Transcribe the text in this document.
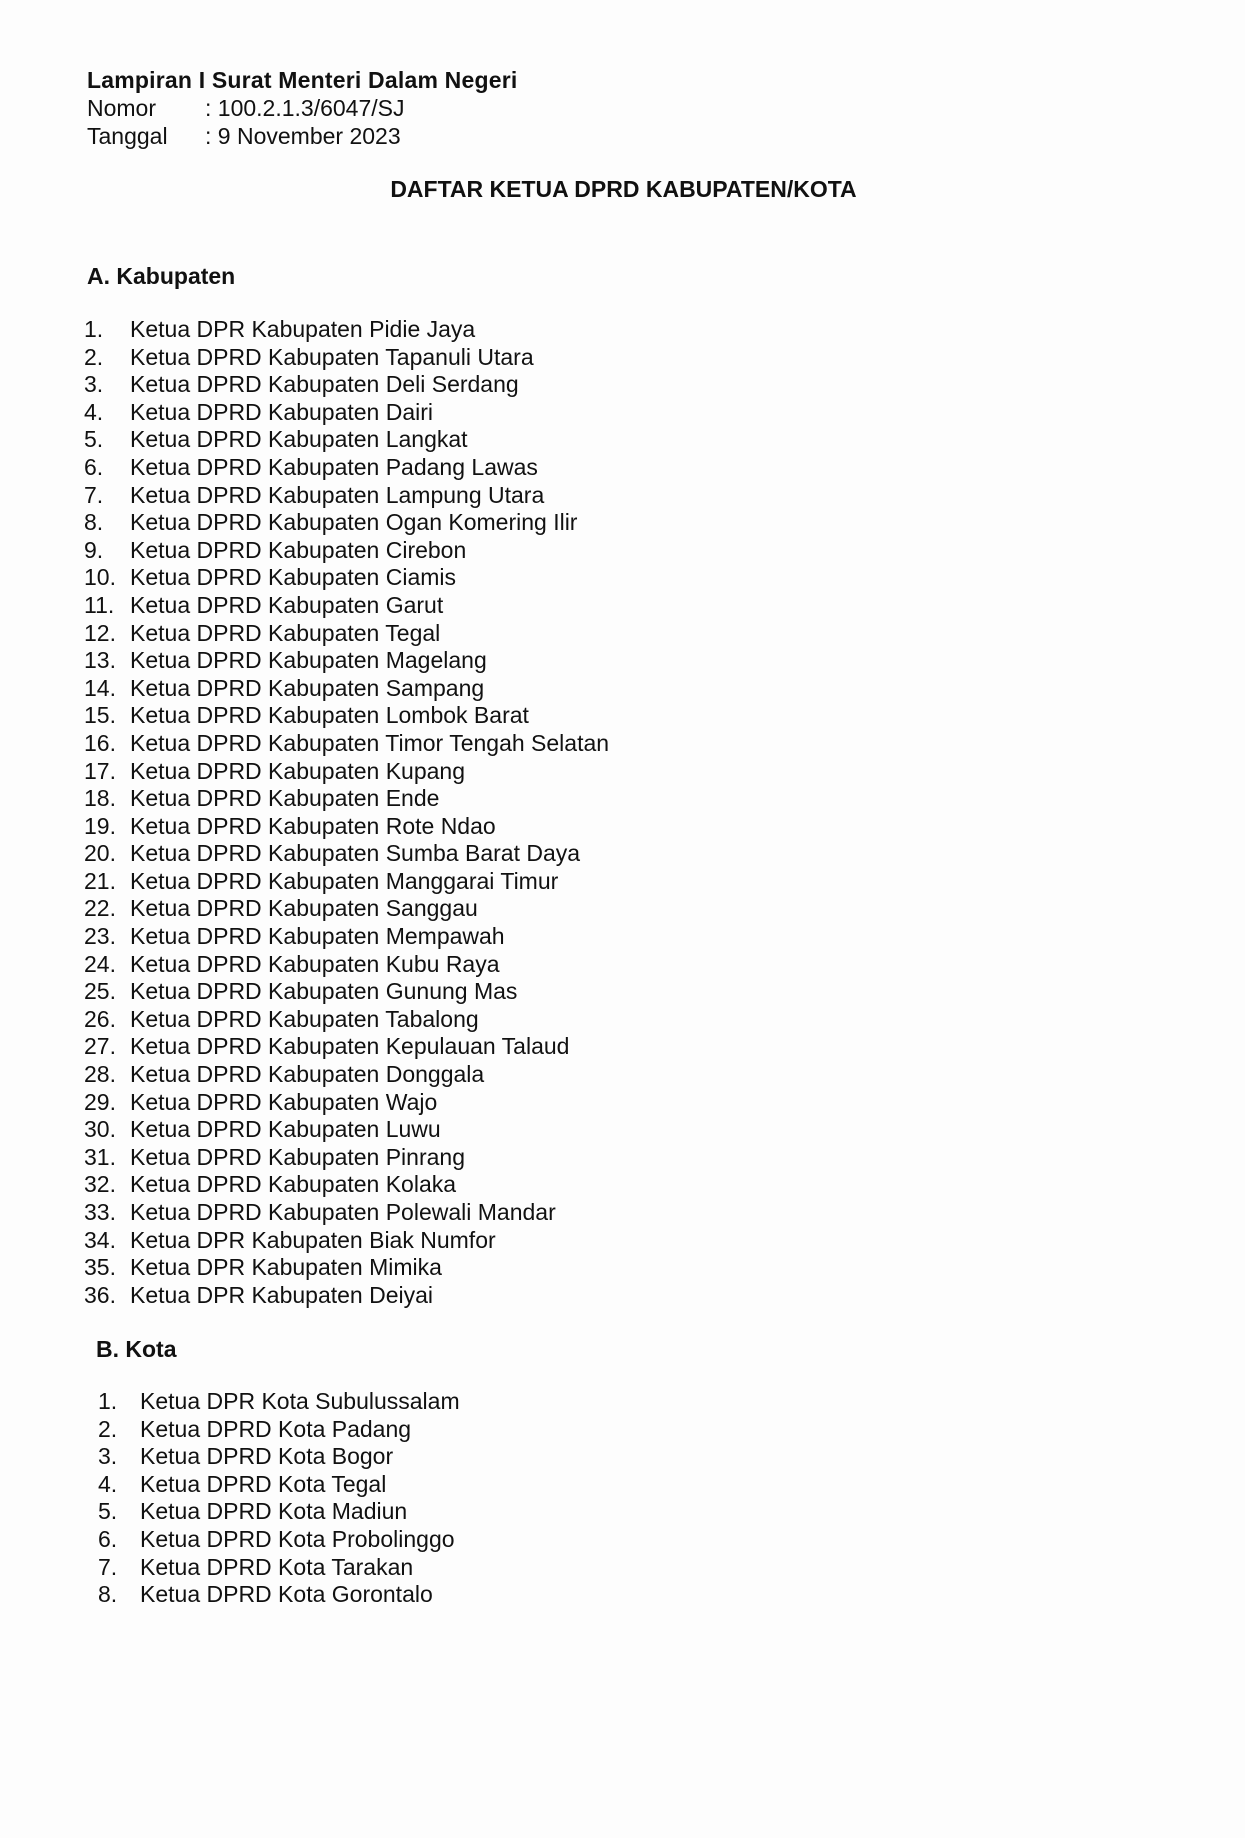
Lampiran I Surat Menteri Dalam Negeri
Nomor	: 100.2.1.3/6047/SJ
Tanggal	: 9 November 2023
DAFTAR KETUA DPRD KABUPATEN/KOTA
A. Kabupaten
1.	Ketua DPR Kabupaten Pidie Jaya
2.	Ketua DPRD Kabupaten Tapanuli Utara
3.	Ketua DPRD Kabupaten Deli Serdang
4.	Ketua DPRD Kabupaten Dairi
5.	Ketua DPRD Kabupaten Langkat
6.	Ketua DPRD Kabupaten Padang Lawas
7.	Ketua DPRD Kabupaten Lampung Utara
8.	Ketua DPRD Kabupaten Ogan Komering Ilir
9.	Ketua DPRD Kabupaten Cirebon
10. Ketua DPRD Kabupaten Ciamis
11. Ketua DPRD Kabupaten Garut
12. Ketua DPRD Kabupaten Tegal
13. Ketua DPRD Kabupaten Magelang
14. Ketua DPRD Kabupaten Sampang
15. Ketua DPRD Kabupaten Lombok Barat
16. Ketua DPRD Kabupaten Timor Tengah Selatan
17. Ketua DPRD Kabupaten Kupang
18. Ketua DPRD Kabupaten Ende
19. Ketua DPRD Kabupaten Rote Ndao
20. Ketua DPRD Kabupaten Sumba Barat Daya
21. Ketua DPRD Kabupaten Manggarai Timur
22. Ketua DPRD Kabupaten Sanggau
23. Ketua DPRD Kabupaten Mempawah
24. Ketua DPRD Kabupaten Kubu Raya
25. Ketua DPRD Kabupaten Gunung Mas
26. Ketua DPRD Kabupaten Tabalong
27. Ketua DPRD Kabupaten Kepulauan Talaud
28. Ketua DPRD Kabupaten Donggala
29. Ketua DPRD Kabupaten Wajo
30. Ketua DPRD Kabupaten Luwu
31. Ketua DPRD Kabupaten Pinrang
32. Ketua DPRD Kabupaten Kolaka
33. Ketua DPRD Kabupaten Polewali Mandar
34. Ketua DPR Kabupaten Biak Numfor
35. Ketua DPR Kabupaten Mimika
36. Ketua DPR Kabupaten Deiyai
B. Kota
1. Ketua DPR Kota Subulussalam
2. Ketua DPRD Kota Padang
3. Ketua DPRD Kota Bogor
4. Ketua DPRD Kota Tegal
5. Ketua DPRD Kota Madiun
6. Ketua DPRD Kota Probolinggo
7. Ketua DPRD Kota Tarakan
8. Ketua DPRD Kota Gorontalo
